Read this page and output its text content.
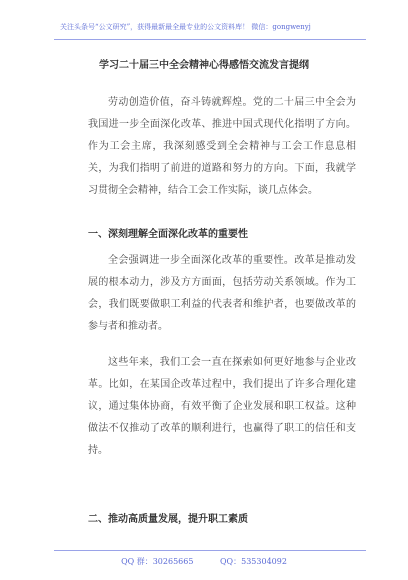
关注头条号“公文研究”，获得最新最全最专业的公文资料库！ 微信：gongwenyj
学习二十届三中全会精神心得感悟交流发言提纲

劳动创造价值，奋斗铸就辉煌。党的二十届三中全会为我国进一步全面深化改革、推进中国式现代化指明了方向。作为工会主席，我深刻感受到全会精神与工会工作息息相关，为我们指明了前进的道路和努力的方向。下面，我就学习贯彻全会精神，结合工会工作实际，谈几点体会。

一、深刻理解全面深化改革的重要性

全会强调进一步全面深化改革的重要性。改革是推动发展的根本动力，涉及方方面面，包括劳动关系领域。作为工会，我们既要做职工利益的代表者和维护者，也要做改革的参与者和推动者。

这些年来，我们工会一直在探索如何更好地参与企业改革。比如，在某国企改革过程中，我们提出了许多合理化建议，通过集体协商，有效平衡了企业发展和职工权益。这种做法不仅推动了改革的顺利进行，也赢得了职工的信任和支持。

二、推动高质量发展，提升职工素质
QQ 群：30265665	QQ：535304092
